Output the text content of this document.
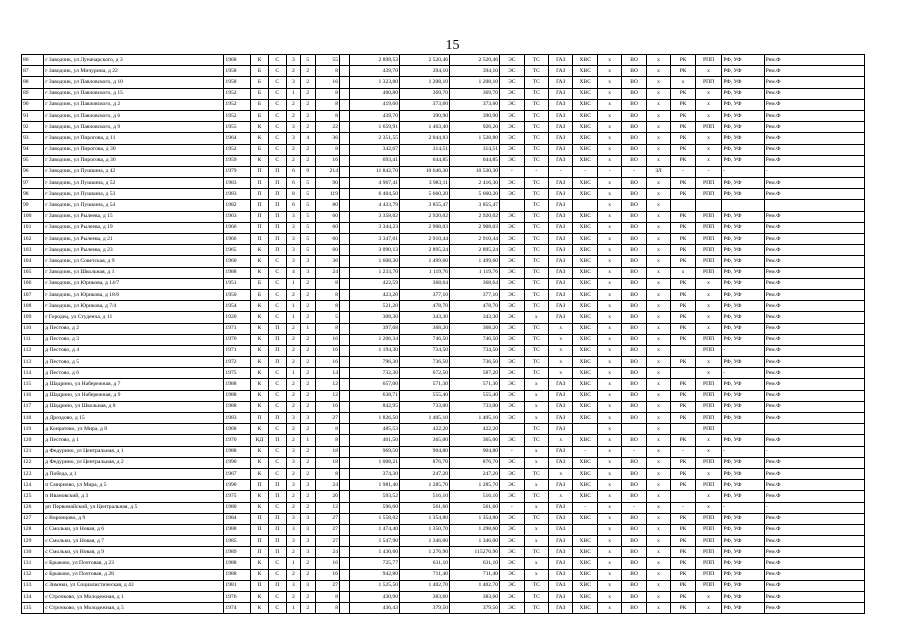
15
86	г Заводчик, ул Луначарского, д 3	1968	К	С	3	5	55		2 898,53	2 520,46	2 520,46	ЭС	ТС	ГАЗ	ХВС	х	ВО	х	РК	РПП	РФ, УФ	Рем.Ф
87	г Заводчик, ул Мичурина, д 22	1958	Б	С	2	2	8		439,70	394,10	394,10	ЭС	ТС	ГАЗ	ХВС	х	ВО	х	РК	х	РФ, УФ	Рем.Ф
88	г Заводчик, ул Павловского, д 10	1958	Б	С	3	2	16		1 323,00	1 208,10	1 208,10	ЭС	ТС	ГАЗ	ХВС	х	ВО	х	х	РПП	РФ, УФ	Рем.Ф
89	г Заводчик, ул Павловского, д 15	1952	Б	С	1	2	8		400,80	369,70	369,70	ЭС	ТС	ГАЗ	ХВС	х	ВО	х	РК	х	РФ, УФ	Рем.Ф
90	г Заводчик, ул Павловского, д 2	1952	Б	С	2	2	8		419,60	373,60	373,60	ЭС	ТС	ГАЗ	ХВС	х	ВО	х	РК	х	РФ, УФ	Рем.Ф
91	г Заводчик, ул Павловского, д 6	1952	Б	С	2	2	8		439,70	390,90	390,90	ЭС	ТС	ГАЗ	ХВС	х	ВО	х	РК	х	РФ, УФ	Рем.Ф
92	г Заводчик, ул Павловского, д 9	1955	К	С	3	2	22		1 659,91	1 463,40	926,20	ЭС	ТС	ГАЗ	ХВС	х	ВО	х	РК	РПП	РФ, УФ	Рем.Ф
93	г Заводчик, ул Пирогова, д 11	1964	К	С	3	4	36		2 351,55	2 044,83	1 528,80	ЭС	ТС	ГАЗ	ХВС	х	ВО	х	РК	х	РФ, УФ	Рем.Ф
94	г Заводчик, ул Пирогова, д 30	1952	Б	С	2	2	8		342,67	314,51	314,51	ЭС	ТС	ГАЗ	ХВС	х	ВО	х	РК	х	РФ, УФ	Рем.Ф
95	г Заводчик, ул Пирогова, д 36	1959	К	С	2	2	16		693,41	644,85	644,85	ЭС	ТС	ГАЗ	ХВС	х	ВО	х	РК	х	РФ, УФ	Рем.Ф
96	г Заводчик, ул Пушкина, д 42	1979	П	П	6	9	214		11 842,70	10 646,30	10 530,30	-	-	-	-	-	-	ЗЛ	-	-	-	-
97	г Заводчик, ул Пушкина, д 52	1983	П	П	6	5	90		4 967,41	3 983,11	2 416,30	ЭС	ТС	ГАЗ	ХВС	х	ВО	х	РК	РПП	РФ, УФ	Рем.Ф
98	г Заводчик, ул Пушкина, д 53	1983	П	П	8	5	119		6 404,50	5 660,20	5 660,20	ЭС	ТС	ГАЗ	ХВС	х	ВО	х	РК	РПП	РФ, УФ	Рем.Ф
99	г Заводчик, ул Пушкина, д 54	1982	П	П	6	5	80		4 433,79	3 855,47	3 855,47		ТС	ГАЗ		х	ВО	х				
100	г Заводчик, ул Рылеева, д 15	1963	П	П	3	5	60		3 358,02	2 920,02	2 920,02	ЭС	ТС	ГАЗ	ХВС	х	ВО	х	РК	РПП	РФ, УФ	Рем.Ф
101	г Заводчик, ул Рылеева, д 19	1966	П	П	3	5	60		3 344,23	2 908,03	2 908,03	ЭС	ТС	ГАЗ	ХВС	х	ВО	х	РК	РПП	РФ, УФ	Рем.Ф
102	г Заводчик, ул Рылеева, д 21	1966	П	П	3	5	60		3 347,01	2 910,44	2 910,44	ЭС	ТС	ГАЗ	ХВС	х	ВО	х	РК	РПП	РФ, УФ	Рем.Ф
103	г Заводчик, ул Рылеева, д 23	1965	К	П	3	5	60		3 090,13	2 895,24	2 895,24	ЭС	ТС	ГАЗ	ХВС	х	ВО	х	РК	РПП	РФ, УФ	Рем.Ф
104	г Заводчик, ул Советская, д 9	1960	К	С	3	3	36		1 608,30	1 499,60	1 499,60	ЭС	ТС	ГАЗ	ХВС	х	ВО	х	РК	РПП	РФ, УФ	Рем.Ф
105	г Заводчик, ул Школьная, д 1	1988	К	С	4	3	24		1 233,70	1 119,76	1 119,76	ЭС	ТС	ГАЗ	ХВС	х	ВО	х	х	РПП	РФ, УФ	Рем.Ф
106	г Заводчик, ул Юрикова, д 14/7	1951	Б	С	1	2	8		422,59	368,64	368,64	ЭС	ТС	ГАЗ	ХВС	х	ВО	х	РК	х	РФ, УФ	Рем.Ф
107	г Заводчик, ул Юрикова, д 18/6	1950	Б	С	2	2	8		423,20	377,10	377,10	ЭС	ТС	ГАЗ	ХВС	х	ВО	х	РК	х	РФ, УФ	Рем.Ф
108	г Заводчик, ул Юрикова, д 7/4	1954	К	С	1	2	8		521,20	478,70	478,70	ЭС	ТС	ГАЗ	ХВС	х	ВО	х	РК	х	РФ, УФ	Рем.Ф
109	г Городец, ул Студенча, д 11	1920	К	С	1	2	5		308,30	343,30	343,30	ЭС	х	ГАЗ	ХВС	х	ВО	х	РК	х	РФ, УФ	Рем.Ф
110	д Пестово, д 2	1971	К	П	2	1	8		397,68	368,20	368,20	ЭС	ТС	х	ХВС	х	ВО	х	РК	х	РФ, УФ	Рем.Ф
111	д Пестово, д 3	1970	К	П	2	2	16		1 206,34	746,50	746,50	ЭС	ТС	х	ХВС	х	ВО	х	РК	РПП	РФ, УФ	Рем.Ф
112	д Пестово, д 4	1971	К	П	2	2	16		1 194,30	734,50	734,50	ЭС	ТС	х	ХВС	х	ВО	х		РПП	-	Рем.Ф
113	д Пестово, д 5	1972	К	П	2	2	16		796,30	736,50	736,50	ЭС	ТС	х	ХВС	х	ВО	х	РК	х	РФ, УФ	Рем.Ф
114	д Пестово, д 6	1975	К	С	1	2	14		732,30	672,50	587,20	ЭС	ТС	х	ХВС	х	ВО	х		х	-	Рем.Ф
115	д Шадрино, ул Набережная, д 7	1988	К	С	2	2	12		657,00	571,30	571,30	ЭС	х	ГАЗ	ХВС	х	ВО	х	РК	РПП	РФ, УФ	Рем.Ф
116	д Шадрино, ул Набережная, д 9	1988	К	С	2	2	12		638,71	555,40	555,40	ЭС	х	ГАЗ	ХВС	х	ВО	х	РК	РПП	РФ, УФ	Рем.Ф
117	д Шадрино, ул Школьная, д 8	1988	К	С	2	2	16		842,95	733,00	733,00	ЭС	х	ГАЗ	ХВС	х	ВО	х	РК	РПП	РФ, УФ	Рем.Ф
118	д Дроздово, д 15	1983	П	П	3	3	27		1 826,50	1 405,10	1 405,10	ЭС	х	ГАЗ	ХВС	х	ВО	х	РК	РПП	РФ, УФ	Рем.Ф
119	д Конратово, ул Мира, д 8	1968	К	С	2	2	8		485,53	422,20	422,20		ТС	ГАЗ		х		х		РПП		
120	д Пестово, д 1	1970	КД	П	2	1	8		401,50	365,00	365,00	ЭС	ТС	х	ХВС	х	ВО	х	РК	х	РФ, УФ	Рем.Ф
121	д Федурино, ул Центральная, д 1	1988	К	С	3	2	18		969,50	904,80	904,80	-	х	ГАЗ	-	х	-	х	-	х	-	-
122	д Федурино, ул Центральная, д 2	1990	К	С	3	2	18		1 008,21	876,70	876,70	ЭС	х	ГАЗ	ХВС	х	ВО	х	РК	РПП	РФ, УФ	Рем.Ф
123	д Победа, д 1	1967	К	С	2	2	8		374,30	247,20	247,20	ЭС	ТС	х	ХВС	х	ВО	х	РК	х	РФ, УФ	Рем.Ф
124	п Смирново, ул Мира, д 5	1990	П	П	3	3	24		1 981,40	1 285,70	1 285,70	ЭС	х	ГАЗ	ХВС	х	ВО	х	РК	РПП	РФ, УФ	Рем.Ф
125	п Ивановский, д 3	1975	К	П	2	2	20		593,52	516,10	516,10	ЭС	ТС	х	ХВС	х	ВО	х		х	РФ, УФ	Рем.Ф
126	рп Первомайский, ул Центральная, д 5	1980	К	С	2	2	12		596,60	561,60	561,60	-	х	ГАЗ	-	х	-	х	-	х	-	-
127	с Воронцово, д 9	1984	П	П	3	3	27		1 558,02	1 354,80	1 354,80	ЭС	ТС	ГАЗ	ХВС	х	ВО	х	РК	РПП	РФ, УФ	Рем.Ф
128	с Смольки, ул Новая, д 6	1988	П	П	3	3	27		1 474,40	1 350,70	1 298,60	ЭС	х	ГАЗ		х	ВО	х	РК	РПП	РФ, УФ	Рем.Ф
129	с Смольки, ул Новая, д 7	1985	П	П	3	3	27		1 547,90	1 346,00	1 346,00	ЭС	х	ГАЗ	ХВС	х	ВО	х	РК	РПП	РФ, УФ	Рем.Ф
130	с Смольки, ул Новая, д 9	1989	П	П	2	3	24		1 430,60	1 276,90	115276,90	ЭС	ТС	ГАЗ	ХВС	х	ВО	х	РК	РПП	РФ, УФ	Рем.Ф
131	с Брыково, ул Почтовая, д 23	1988	К	С	1	2	16		725,77	631,10	631,10	ЭС	х	ГАЗ	ХВС	х	ВО	х	РК	РПП	РФ, УФ	Рем.Ф
132	с Брыково, ул Почтовая, д 28	1988	К	С	2	2	16		942,80	711,40	711,40	ЭС	х	ГАЗ	ХВС	х	ВО	х	РК	РПП	РФ, УФ	Рем.Ф
133	с Зимнки, ул Социалистическая, д 43	1981	П	П	3	3	27		1 525,50	1 402,70	1 402,70	ЭС	ТС	ГАЗ	ХВС	х	ВО	х	РК	РПП	РФ, УФ	Рем.Ф
134	с Строчково, ул Молодежная, д 1	1976	К	С	2	2	8		430,90	383,60	383,60	ЭС	ТС	ГАЗ	ХВС	х	ВО	х	РК	х	РФ, УФ	Рем.Ф
135	с Строчково, ул Молодежная, д 5	1974	К	С	1	2	8		436,43	379,50	379,50	ЭС	ТС	ГАЗ	ХВС	х	ВО	х	РК	х	РФ, УФ	Рем.Ф
